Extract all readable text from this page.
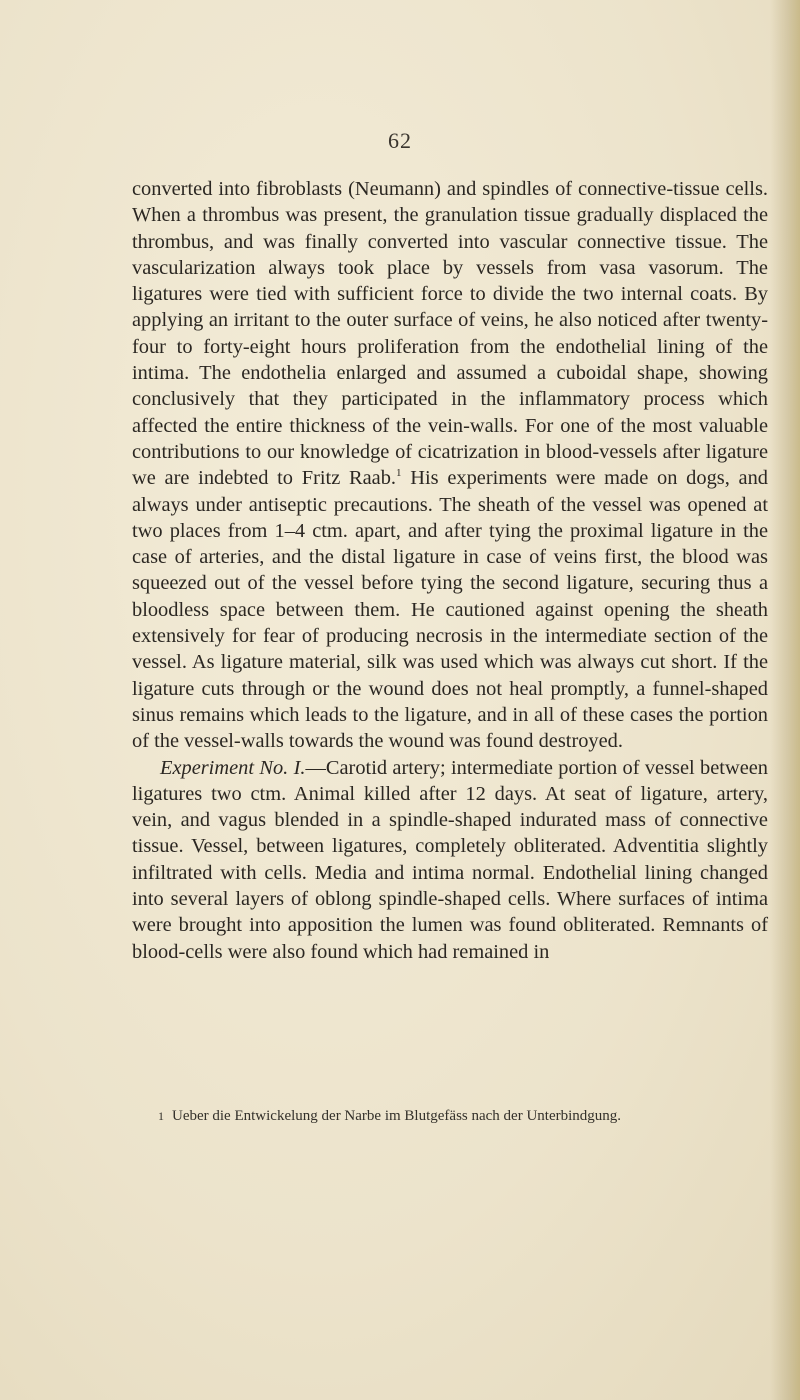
62

converted into fibroblasts (Neumann) and spindles of connective-tissue cells. When a thrombus was present, the granulation tissue gradually displaced the thrombus, and was finally converted into vascular connective tissue. The vascularization always took place by vessels from vasa vasorum. The ligatures were tied with sufficient force to divide the two internal coats. By applying an irritant to the outer surface of veins, he also noticed after twenty-four to forty-eight hours proliferation from the endothelial lining of the intima. The endothelia enlarged and assumed a cuboidal shape, showing conclusively that they participated in the inflammatory process which affected the entire thickness of the vein-walls. For one of the most valuable contributions to our knowledge of cicatrization in blood-vessels after ligature we are indebted to Fritz Raab.$^1$ His experiments were made on dogs, and always under antiseptic precautions. The sheath of the vessel was opened at two places from 1–4 ctm. apart, and after tying the proximal ligature in the case of arteries, and the distal ligature in case of veins first, the blood was squeezed out of the vessel before tying the second ligature, securing thus a bloodless space between them. He cautioned against opening the sheath extensively for fear of producing necrosis in the intermediate section of the vessel. As ligature material, silk was used which was always cut short. If the ligature cuts through or the wound does not heal promptly, a funnel-shaped sinus remains which leads to the ligature, and in all of these cases the portion of the vessel-walls towards the wound was found destroyed.

Experiment No. I.—Carotid artery; intermediate portion of vessel between ligatures two ctm. Animal killed after 12 days. At seat of ligature, artery, vein, and vagus blended in a spindle-shaped indurated mass of connective tissue. Vessel, between ligatures, completely obliterated. Adventitia slightly infiltrated with cells. Media and intima normal. Endothelial lining changed into several layers of oblong spindle-shaped cells. Where surfaces of intima were brought into apposition the lumen was found obliterated. Remnants of blood-cells were also found which had remained in

1 Ueber die Entwickelung der Narbe im Blutgefäss nach der Unterbindgung.
